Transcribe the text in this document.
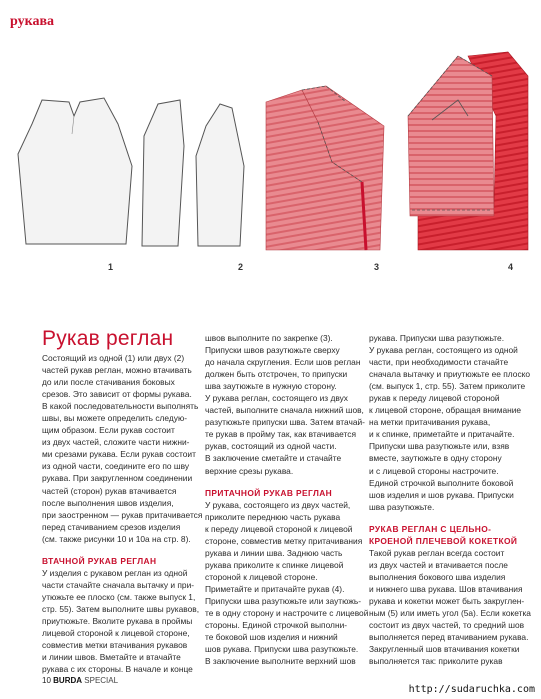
рукава
1	2	3	4
Рукав реглан
Состоящий из одной (1) или двух (2)
частей рукав реглан, можно втачивать
до или после стачивания боковых
срезов. Это зависит от формы рукава.
В какой последовательности выполнять
швы, вы можете определить следую-
щим образом. Если рукав состоит
из двух частей, сложите части нижни-
ми срезами рукава. Если рукав состоит
из одной части, соедините его по шву
рукава. При закругленном соединении
частей (сторон) рукав втачивается
после выполнения швов изделия,
при заостренном — рукав притачивается
перед стачиванием срезов изделия
(см. также рисунки 10 и 10а на стр. 8).
ВТАЧНОЙ РУКАВ РЕГЛАН
У изделия с рукавом реглан из одной
части стачайте сначала вытачку и при-
утюжьте ее плоско (см. также выпуск 1,
стр. 55). Затем выполните швы рукавов,
приутюжьте. Вколите рукава в проймы
лицевой стороной к лицевой стороне,
совместив метки втачивания рукавов
и линии швов. Вметайте и втачайте
рукава с их стороны. В начале и конце
швов выполните по закрепке (3).
Припуски швов разутюжьте сверху
до начала скругления. Если шов реглан
должен быть отстрочен, то припуски
шва заутюжьте в нужную сторону.
У рукава реглан, состоящего из двух
частей, выполните сначала нижний шов,
разутюжьте припуски шва. Затем втачай-
те рукав в пройму так, как втачивается
рукав, состоящий из одной части.
В заключение сметайте и стачайте
верхние срезы рукава.
ПРИТАЧНОЙ РУКАВ РЕГЛАН
У рукава, состоящего из двух частей,
приколите переднюю часть рукава
к переду лицевой стороной к лицевой
стороне, совместив метку притачивания
рукава и линии шва. Заднюю часть
рукава приколите к спинке лицевой
стороной к лицевой стороне.
Приметайте и притачайте рукав (4).
Припуски шва разутюжьте или заутюжь-
те в одну сторону и настрочите с лицевой
стороны. Единой строчкой выполни-
те боковой шов изделия и нижний
шов рукава. Припуски шва разутюжьте.
В заключение выполните верхний шов
рукава. Припуски шва разутюжьте.
У рукава реглан, состоящего из одной
части, при необходимости стачайте
сначала вытачку и приутюжьте ее плоско
(см. выпуск 1, стр. 55). Затем приколите
рукав к переду лицевой стороной
к лицевой стороне, обращая внимание
на метки притачивания рукава,
и к спинке, приметайте и притачайте.
Припуски шва разутюжьте или, взяв
вместе, заутюжьте в одну сторону
и с лицевой стороны настрочите.
Единой строчкой выполните боковой
шов изделия и шов рукава. Припуски
шва разутюжьте.
РУКАВ РЕГЛАН С ЦЕЛЬНО-
КРОЕНОЙ ПЛЕЧЕВОЙ КОКЕТКОЙ
Такой рукав реглан всегда состоит
из двух частей и втачивается после
выполнения бокового шва изделия
и нижнего шва рукава. Шов втачивания
рукава и кокетки может быть закруглен-
ным (5) или иметь угол (5а). Если кокетка
состоит из двух частей, то средний шов
выполняется перед втачиванием рукава.
Закругленный шов втачивания кокетки
выполняется так: приколите рукав
10 BURDA SPECIAL
http://sudaruchka.com
